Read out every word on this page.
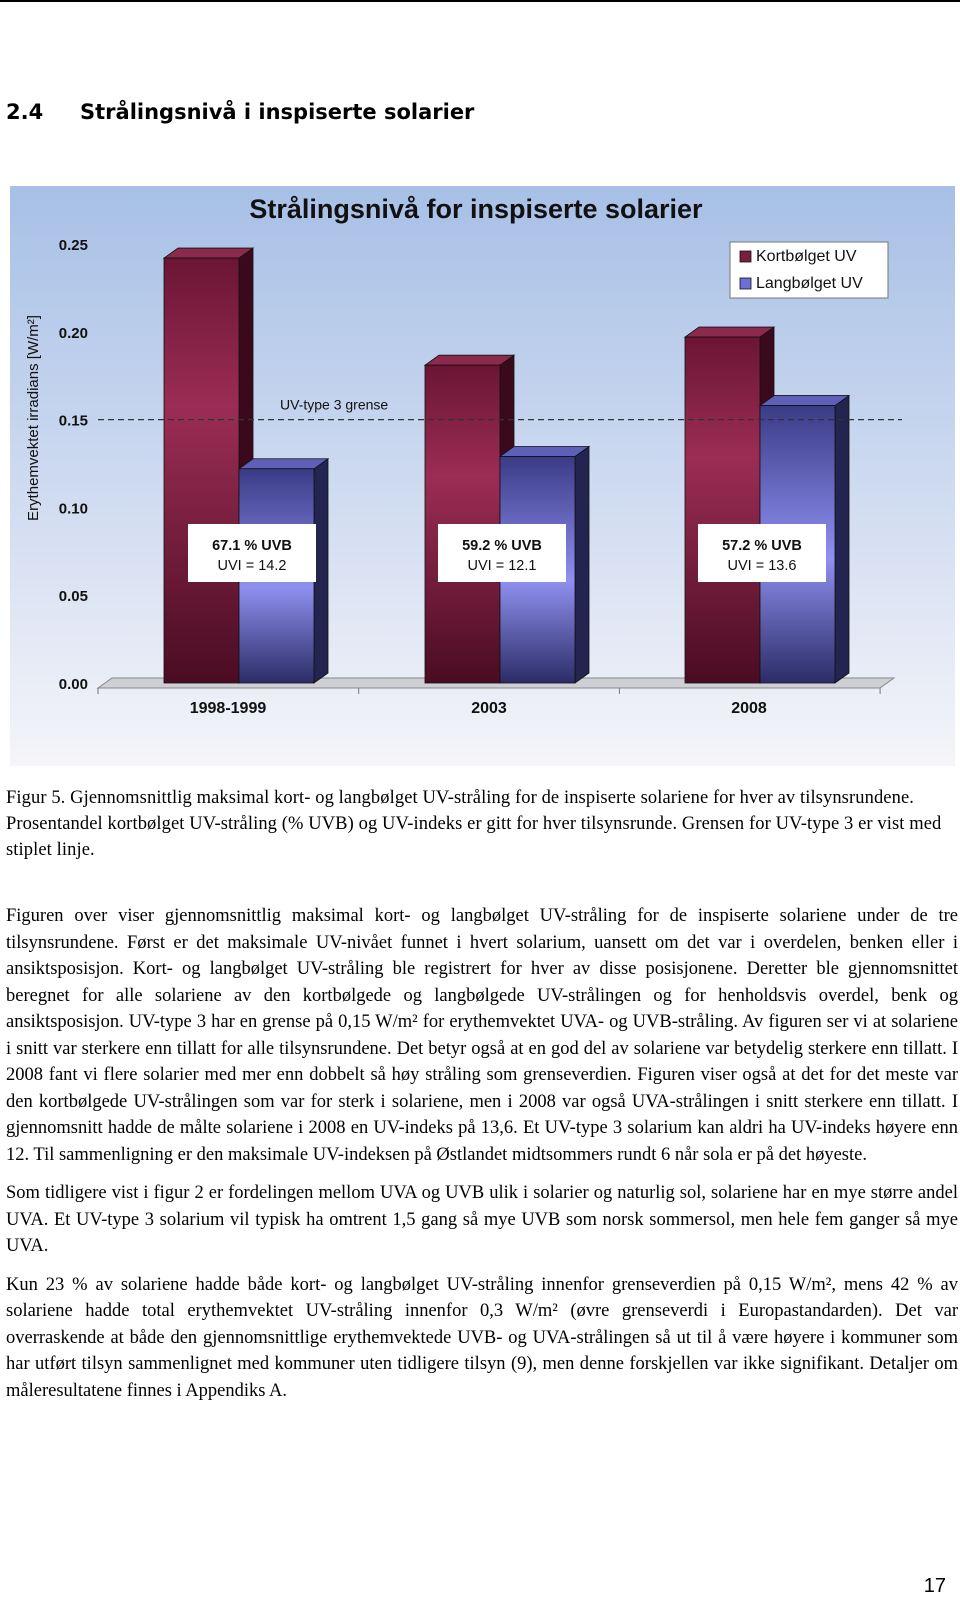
2.4 Strålingsnivå i inspiserte solarier
Strålingsnivå for inspiserte solarier
Erythemvektet irradians [W/m²]
0.00
0.05
0.10
0.15
0.20
0.25
UV-type 3 grense
67.1 % UVB
UVI = 14.2
59.2 % UVB
UVI = 12.1
57.2 % UVB
UVI = 13.6
1998-1999	2003	2008
Kortbølget UV
Langbølget UV

Figur 5. Gjennomsnittlig maksimal kort- og langbølget UV-stråling for de inspiserte solariene for hver av tilsynsrundene. Prosentandel kortbølget UV-stråling (% UVB) og UV-indeks er gitt for hver tilsynsrunde. Grensen for UV-type 3 er vist med stiplet linje.

Figuren over viser gjennomsnittlig maksimal kort- og langbølget UV-stråling for de inspiserte solariene under de tre tilsynsrundene. Først er det maksimale UV-nivået funnet i hvert solarium, uansett om det var i overdelen, benken eller i ansiktsposisjon. Kort- og langbølget UV-stråling ble registrert for hver av disse posisjonene. Deretter ble gjennomsnittet beregnet for alle solariene av den kortbølgede og langbølgede UV-strålingen og for henholdsvis overdel, benk og ansiktsposisjon. UV-type 3 har en grense på 0,15 W/m² for erythemvektet UVA- og UVB-stråling. Av figuren ser vi at solariene i snitt var sterkere enn tillatt for alle tilsynsrundene. Det betyr også at en god del av solariene var betydelig sterkere enn tillatt. I 2008 fant vi flere solarier med mer enn dobbelt så høy stråling som grenseverdien. Figuren viser også at det for det meste var den kortbølgede UV-strålingen som var for sterk i solariene, men i 2008 var også UVA-strålingen i snitt sterkere enn tillatt. I gjennomsnitt hadde de målte solariene i 2008 en UV-indeks på 13,6. Et UV-type 3 solarium kan aldri ha UV-indeks høyere enn 12. Til sammenligning er den maksimale UV-indeksen på Østlandet midtsommers rundt 6 når sola er på det høyeste.

Som tidligere vist i figur 2 er fordelingen mellom UVA og UVB ulik i solarier og naturlig sol, solariene har en mye større andel UVA. Et UV-type 3 solarium vil typisk ha omtrent 1,5 gang så mye UVB som norsk sommersol, men hele fem ganger så mye UVA.

Kun 23 % av solariene hadde både kort- og langbølget UV-stråling innenfor grenseverdien på 0,15 W/m², mens 42 % av solariene hadde total erythemvektet UV-stråling innenfor 0,3 W/m² (øvre grenseverdi i Europastandarden). Det var overraskende at både den gjennomsnittlige erythemvektede UVB- og UVA-strålingen så ut til å være høyere i kommuner som har utført tilsyn sammenlignet med kommuner uten tidligere tilsyn (9), men denne forskjellen var ikke signifikant. Detaljer om måleresultatene finnes i Appendiks A.

17
